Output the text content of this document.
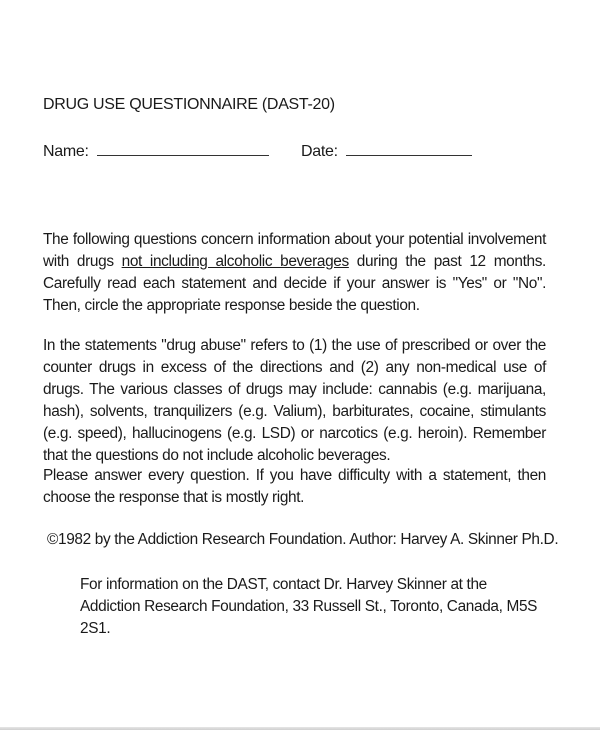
DRUG USE QUESTIONNAIRE (DAST-20)
Name:	Date:

The following questions concern information about your potential involvement with drugs not including alcoholic beverages during the past 12 months. Carefully read each statement and decide if your answer is "Yes" or "No". Then, circle the appropriate response beside the question.

In the statements "drug abuse" refers to (1) the use of prescribed or over the counter drugs in excess of the directions and (2) any non-medical use of drugs. The various classes of drugs may include: cannabis (e.g. marijuana, hash), solvents, tranquilizers (e.g. Valium), barbiturates, cocaine, stimulants (e.g. speed), hallucinogens (e.g. LSD) or narcotics (e.g. heroin). Remember that the questions do not include alcoholic beverages.

Please answer every question. If you have difficulty with a statement, then choose the response that is mostly right.

©1982 by the Addiction Research Foundation. Author: Harvey A. Skinner Ph.D.

For information on the DAST, contact Dr. Harvey Skinner at the Addiction Research Foundation, 33 Russell St., Toronto, Canada, M5S 2S1.
